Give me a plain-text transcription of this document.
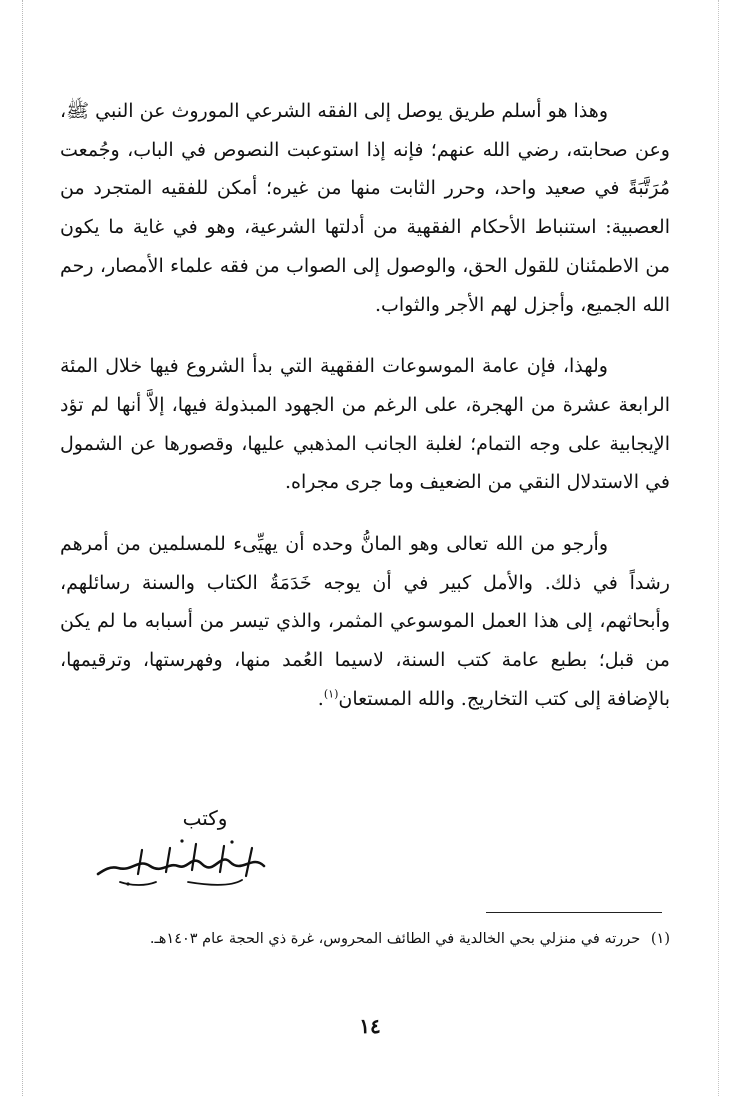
وهذا هو أسلم طريق يوصل إلى الفقه الشرعي الموروث عن النبي ﷺ، وعن صحابته، رضي الله عنهم؛ فإنه إذا استوعبت النصوص في الباب، وجُمعت مُرَتَّبَةً في صعيد واحد، وحرر الثابت منها من غيره؛ أمكن للفقيه المتجرد من العصبية: استنباط الأحكام الفقهية من أدلتها الشرعية، وهو في غاية ما يكون من الاطمئنان للقول الحق، والوصول إلى الصواب من فقه علماء الأمصار، رحم الله الجميع، وأجزل لهم الأجر والثواب.

ولهذا، فإن عامة الموسوعات الفقهية التي بدأ الشروع فيها خلال المئة الرابعة عشرة من الهجرة، على الرغم من الجهود المبذولة فيها، إلاَّ أنها لم تؤد الإيجابية على وجه التمام؛ لغلبة الجانب المذهبي عليها، وقصورها عن الشمول في الاستدلال النقي من الضعيف وما جرى مجراه.

وأرجو من الله تعالى وهو المانُّ وحده أن يهيِّىء للمسلمين من أمرهم رشداً في ذلك. والأمل كبير في أن يوجه خَدَمَةُ الكتاب والسنة رسائلهم، وأبحاثهم، إلى هذا العمل الموسوعي المثمر، والذي تيسر من أسبابه ما لم يكن من قبل؛ بطبع عامة كتب السنة، لاسيما العُمد منها، وفهرستها، وترقيمها، بالإضافة إلى كتب التخاريج. والله المستعان$^{(١)}$.

وكتب
(١) حررته في منزلي بحي الخالدية في الطائف المحروس، غرة ذي الحجة عام ١٤٠٣هـ.
١٤
